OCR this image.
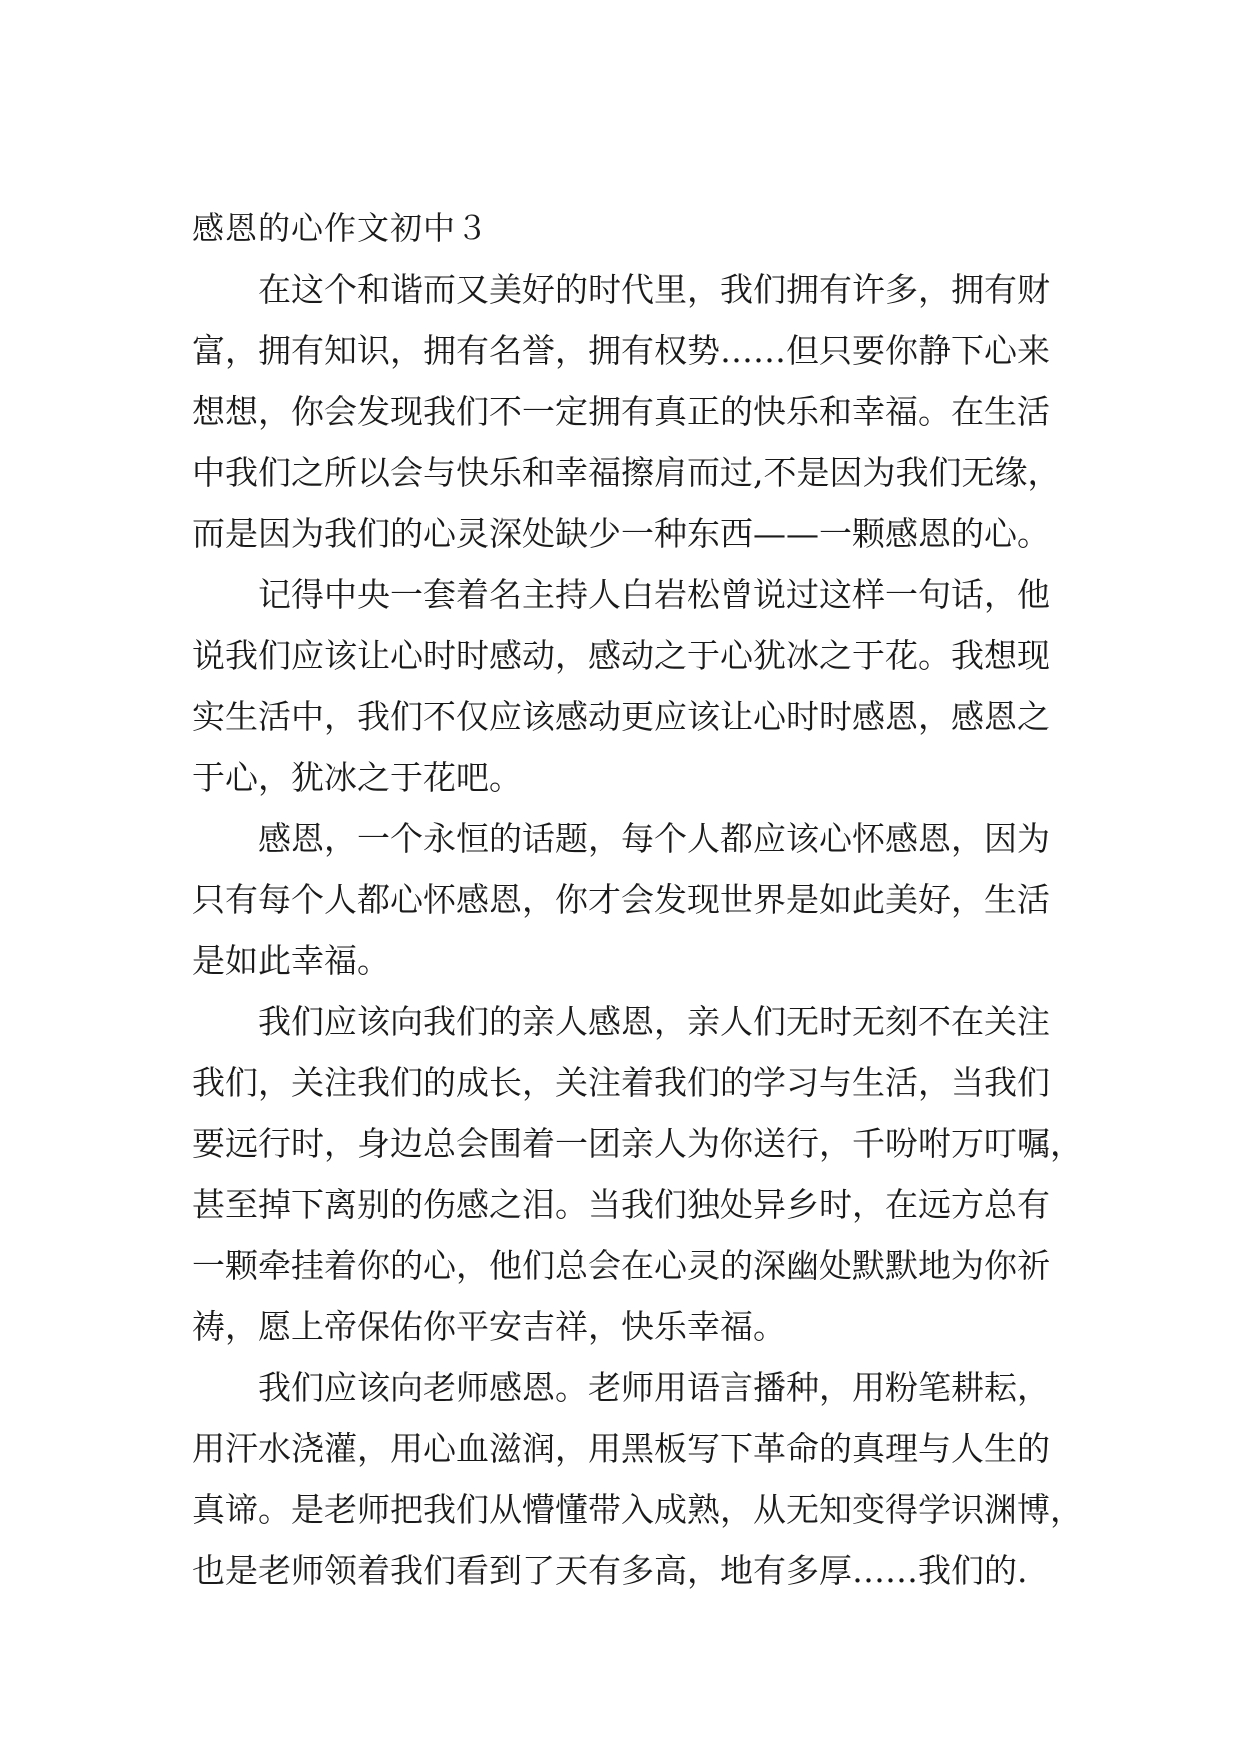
感恩的心作文初中３
在这个和谐而又美好的时代里，我们拥有许多，拥有财
富，拥有知识，拥有名誉，拥有权势……但只要你静下心来
想想，你会发现我们不一定拥有真正的快乐和幸福。在生活
中我们之所以会与快乐和幸福擦肩而过,不是因为我们无缘，
而是因为我们的心灵深处缺少一种东西——一颗感恩的心。
记得中央一套着名主持人白岩松曾说过这样一句话，他
说我们应该让心时时感动，感动之于心犹冰之于花。我想现
实生活中，我们不仅应该感动更应该让心时时感恩，感恩之
于心，犹冰之于花吧。
感恩，一个永恒的话题，每个人都应该心怀感恩，因为
只有每个人都心怀感恩，你才会发现世界是如此美好，生活
是如此幸福。
我们应该向我们的亲人感恩，亲人们无时无刻不在关注
我们，关注我们的成长，关注着我们的学习与生活，当我们
要远行时，身边总会围着一团亲人为你送行，千吩咐万叮嘱，
甚至掉下离别的伤感之泪。当我们独处异乡时，在远方总有
一颗牵挂着你的心，他们总会在心灵的深幽处默默地为你祈
祷，愿上帝保佑你平安吉祥，快乐幸福。
我们应该向老师感恩。老师用语言播种，用粉笔耕耘，
用汗水浇灌，用心血滋润，用黑板写下革命的真理与人生的
真谛。是老师把我们从懵懂带入成熟，从无知变得学识渊博，
也是老师领着我们看到了天有多高，地有多厚……我们的.
